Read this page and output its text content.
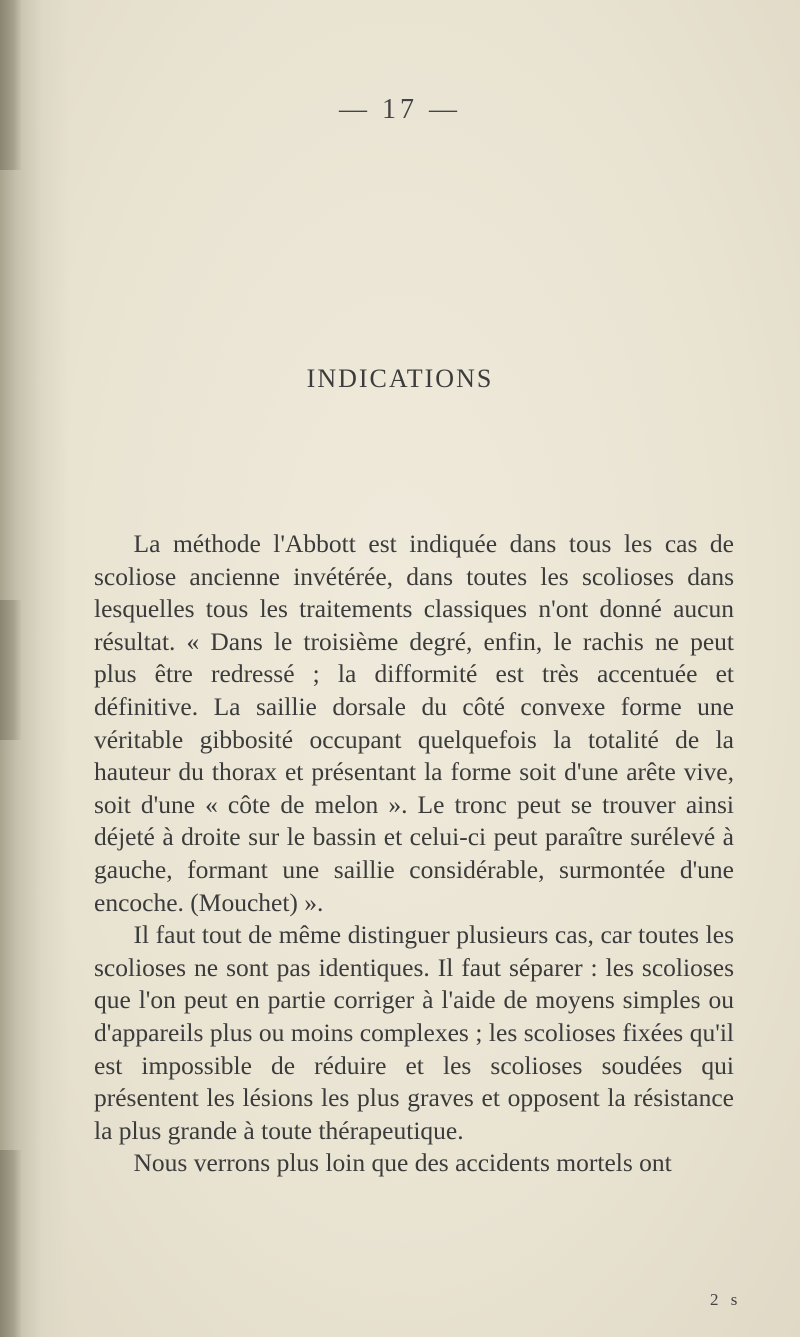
— 17 —
INDICATIONS

La méthode l'Abbott est indiquée dans tous les cas de scoliose ancienne invétérée, dans toutes les scolioses dans lesquelles tous les traitements classiques n'ont donné aucun résultat. « Dans le troisième degré, enfin, le rachis ne peut plus être redressé ; la difformité est très accentuée et définitive. La saillie dorsale du côté convexe forme une véritable gibbosité occupant quelquefois la totalité de la hauteur du thorax et présentant la forme soit d'une arête vive, soit d'une « côte de melon ». Le tronc peut se trouver ainsi déjeté à droite sur le bassin et celui-ci peut paraître surélevé à gauche, formant une saillie considérable, surmontée d'une encoche. (Mouchet) ».

Il faut tout de même distinguer plusieurs cas, car toutes les scolioses ne sont pas identiques. Il faut séparer : les scolioses que l'on peut en partie corriger à l'aide de moyens simples ou d'appareils plus ou moins complexes ; les scolioses fixées qu'il est impossible de réduire et les scolioses soudées qui présentent les lésions les plus graves et opposent la résistance la plus grande à toute thérapeutique.

Nous verrons plus loin que des accidents mortels ont

2 s
